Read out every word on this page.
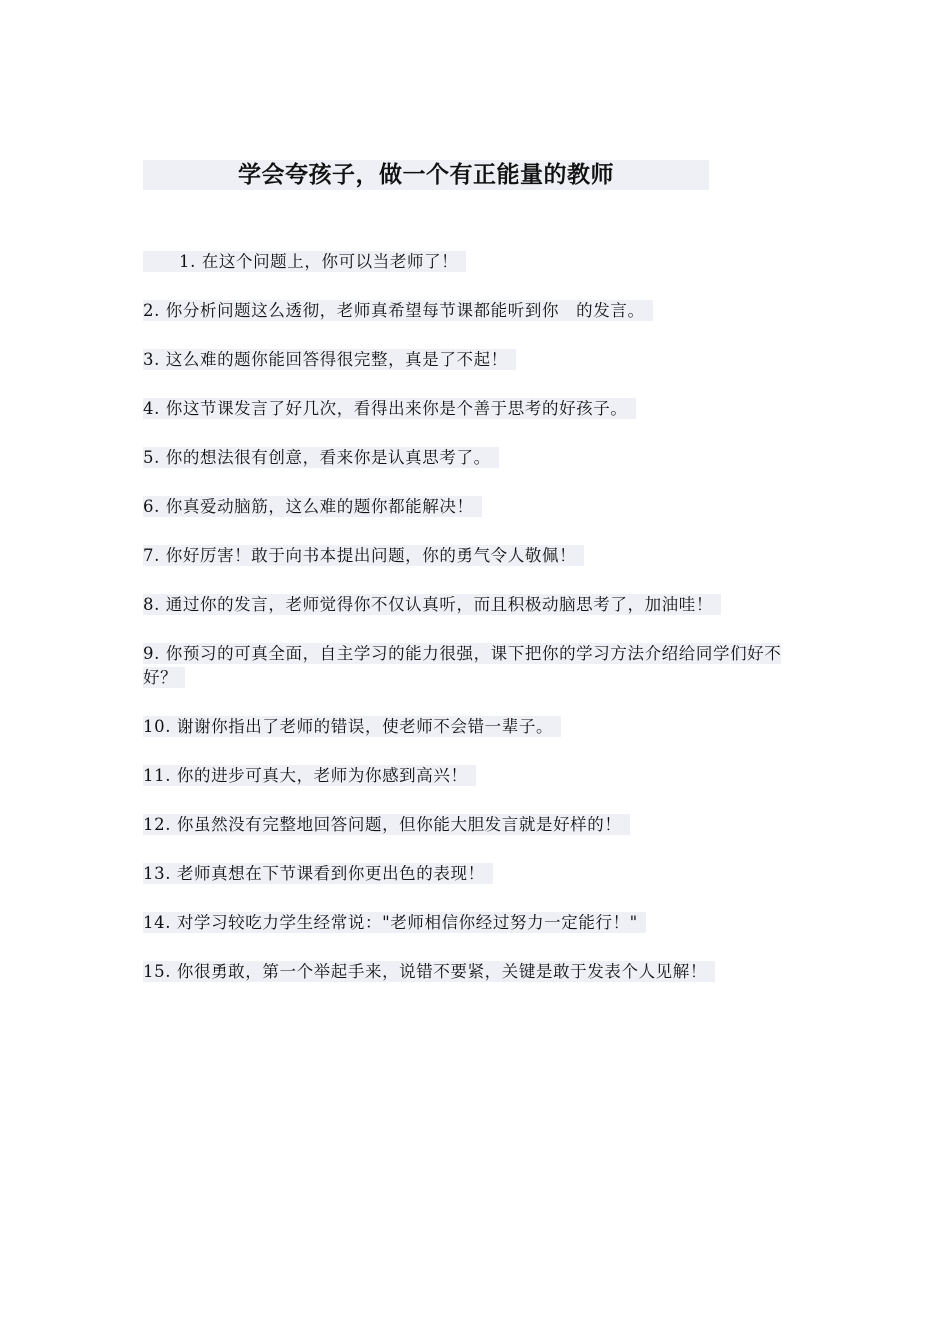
学会夸孩子，做一个有正能量的教师
1. 在这个问题上，你可以当老师了！
2. 你分析问题这么透彻，老师真希望每节课都能听到你　的发言。
3. 这么难的题你能回答得很完整，真是了不起！
4. 你这节课发言了好几次，看得出来你是个善于思考的好孩子。
5. 你的想法很有创意，看来你是认真思考了。
6. 你真爱动脑筋，这么难的题你都能解决！
7. 你好厉害！敢于向书本提出问题，你的勇气令人敬佩！
8. 通过你的发言，老师觉得你不仅认真听，而且积极动脑思考了，加油哇！
9. 你预习的可真全面，自主学习的能力很强，课下把你的学习方法介绍给同学们好不好？
10. 谢谢你指出了老师的错误，使老师不会错一辈子。
11. 你的进步可真大，老师为你感到高兴！
12. 你虽然没有完整地回答问题，但你能大胆发言就是好样的！
13. 老师真想在下节课看到你更出色的表现！
14. 对学习较吃力学生经常说："老师相信你经过努力一定能行！"
15. 你很勇敢，第一个举起手来，说错不要紧，关键是敢于发表个人见解！
